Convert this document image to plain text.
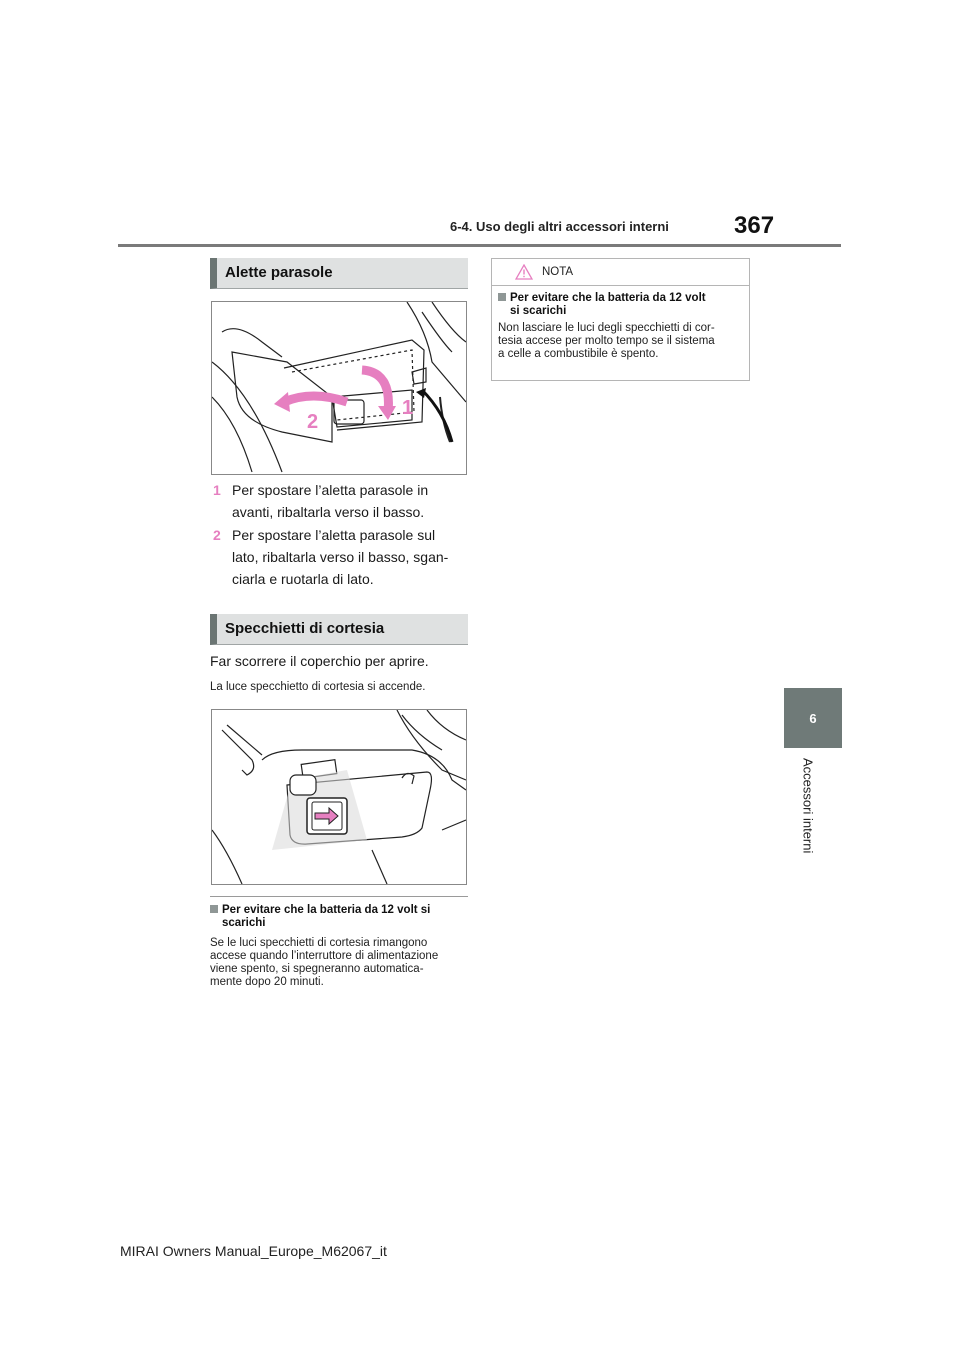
6-4. Uso degli altri accessori interni	367
6
Accessori interni
Alette parasole
1
2
1 Per spostare l’aletta parasole in
avanti, ribaltarla verso il basso.
2 Per spostare l’aletta parasole sul
lato, ribaltarla verso il basso, sgan-
ciarla e ruotarla di lato.
Specchietti di cortesia
Far scorrere il coperchio per aprire.
La luce specchietto di cortesia si accende.
Per evitare che la batteria da 12 volt si
scarichi
Se le luci specchietti di cortesia rimangono
accese quando l’interruttore di alimentazione
viene spento, si spegneranno automatica-
mente dopo 20 minuti.
NOTA
Per evitare che la batteria da 12 volt
si scarichi
Non lasciare le luci degli specchietti di cor-
tesia accese per molto tempo se il sistema
a celle a combustibile è spento.
MIRAI Owners Manual_Europe_M62067_it
